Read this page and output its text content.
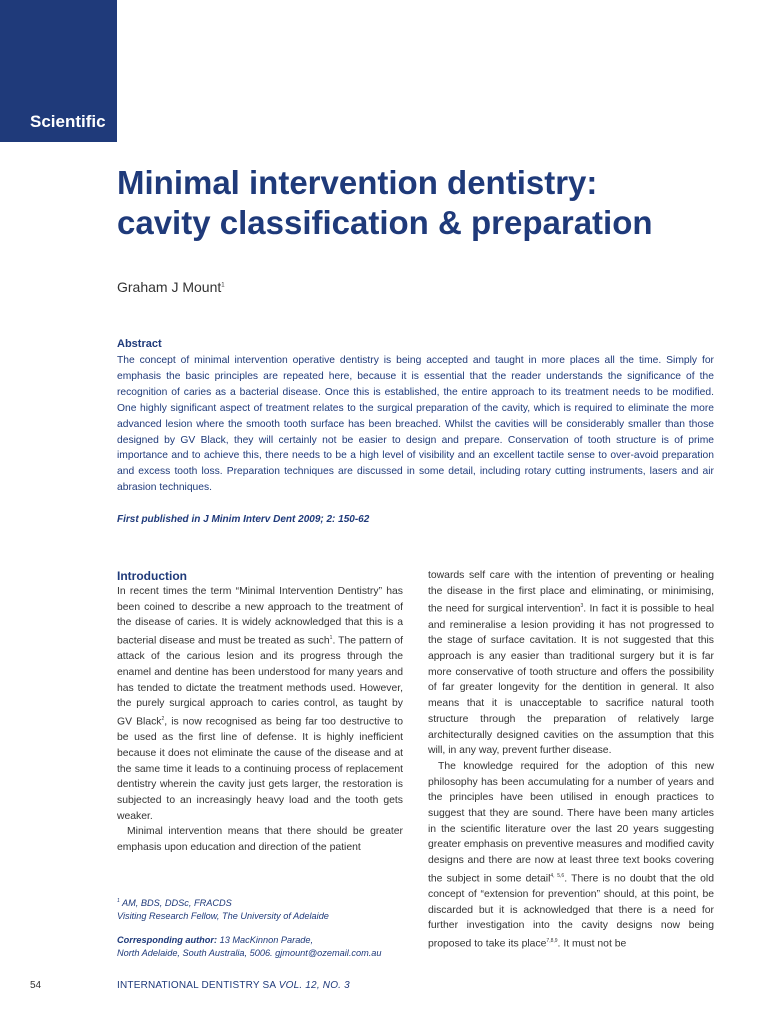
Scientific
Minimal intervention dentistry:
cavity classification & preparation
Graham J Mount$^1$
Abstract

The concept of minimal intervention operative dentistry is being accepted and taught in more places all the time. Simply for emphasis the basic principles are repeated here, because it is essential that the reader understands the significance of the recognition of caries as a bacterial disease. Once this is established, the entire approach to its treatment needs to be modified. One highly significant aspect of treatment relates to the surgical preparation of the cavity, which is required to eliminate the more advanced lesion where the smooth tooth surface has been breached. Whilst the cavities will be considerably smaller than those designed by GV Black, they will certainly not be easier to design and prepare. Conservation of tooth structure is of prime importance and to achieve this, there needs to be a high level of visibility and an excellent tactile sense to over-avoid preparation and excess tooth loss. Preparation techniques are discussed in some detail, including rotary cutting instruments, lasers and air abrasion techniques.

First published in J Minim Interv Dent 2009; 2: 150-62
Introduction

In recent times the term “Minimal Intervention Dentistry” has been coined to describe a new approach to the treatment of the disease of caries. It is widely acknowledged that this is a bacterial disease and must be treated as such$^1$. The pattern of attack of the carious lesion and its progress through the enamel and dentine has been understood for many years and has tended to dictate the treatment methods used. However, the purely surgical approach to caries control, as taught by GV Black$^2$, is now recognised as being far too destructive to be used as the first line of defense. It is highly inefficient because it does not eliminate the cause of the disease and at the same time it leads to a continuing process of replacement dentistry wherein the cavity just gets larger, the restoration is subjected to an increasingly heavy load and the tooth gets weaker.

Minimal intervention means that there should be greater emphasis upon education and direction of the patient

towards self care with the intention of preventing or healing the disease in the first place and eliminating, or minimising, the need for surgical intervention$^3$. In fact it is possible to heal and remineralise a lesion providing it has not progressed to the stage of surface cavitation. It is not suggested that this approach is any easier than traditional surgery but it is far more conservative of tooth structure and offers the possibility of far greater longevity for the dentition in general. It also means that it is unacceptable to sacrifice natural tooth structure through the preparation of relatively large architecturally designed cavities on the assumption that this will, in any way, prevent further disease.

The knowledge required for the adoption of this new philosophy has been accumulating for a number of years and the principles have been utilised in enough practices to suggest that they are sound. There have been many articles in the scientific literature over the last 20 years suggesting greater emphasis on preventive measures and modified cavity designs and there are now at least three text books covering the subject in some detail$^{4, 5,6}$. There is no doubt that the old concept of “extension for prevention” should, at this point, be discarded but it is acknowledged that there is a need for further investigation into the cavity designs now being proposed to take its place$^{7,8,9}$. It must not be

$^1$ AM, BDS, DDSc, FRACDS

Visiting Research Fellow, The University of Adelaide

Corresponding author: 13 MacKinnon Parade,

North Adelaide, South Australia, 5006. gjmount@ozemail.com.au

54	INTERNATIONAL DENTISTRY SA VOL. 12, NO. 3
